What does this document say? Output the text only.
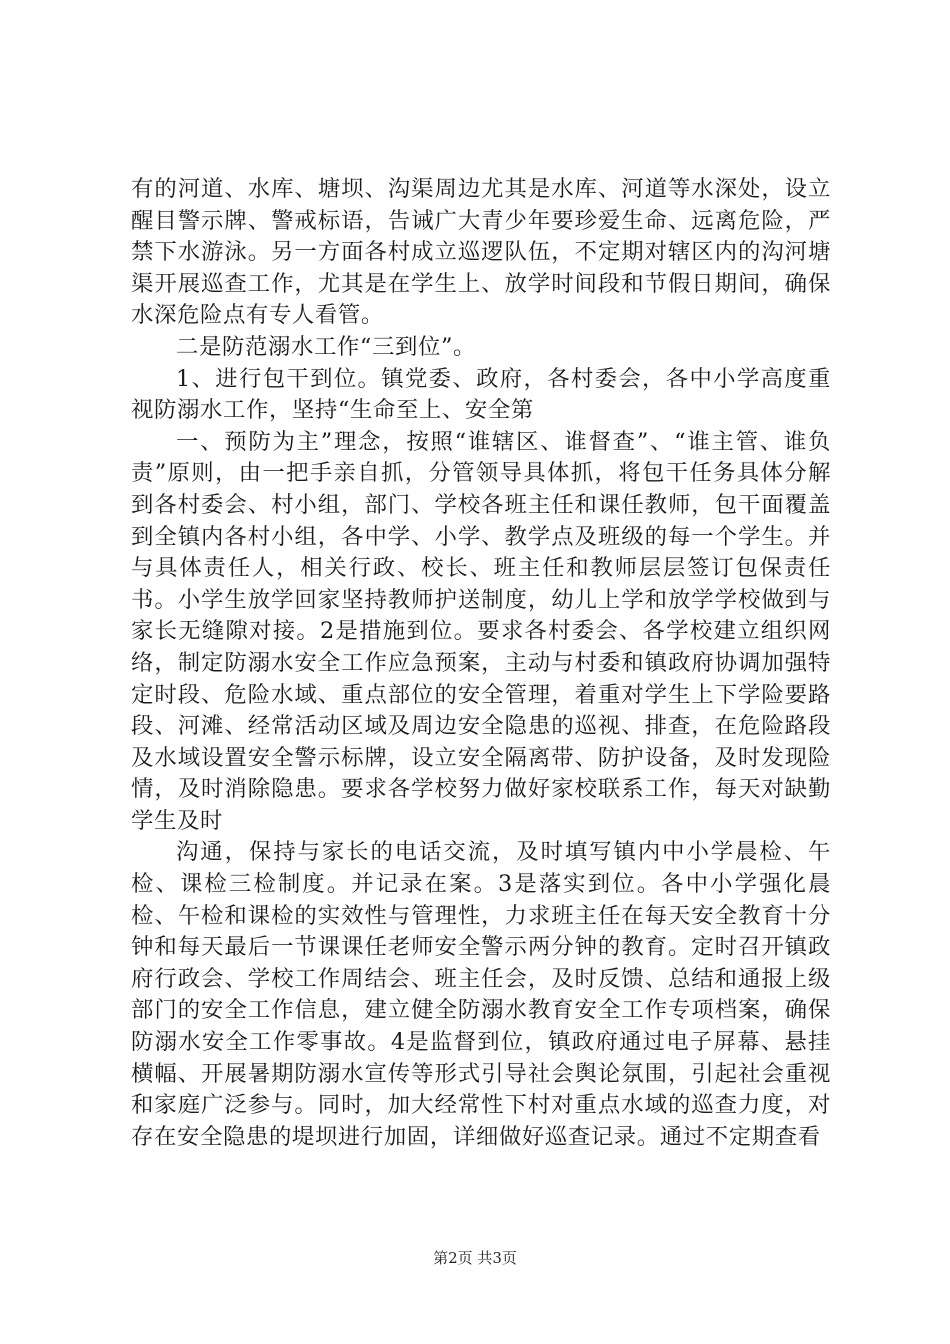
有的河道、水库、塘坝、沟渠周边尤其是水库、河道等水深处，设立醒目警示牌、警戒标语，告诫广大青少年要珍爱生命、远离危险，严禁下水游泳。另一方面各村成立巡逻队伍，不定期对辖区内的沟河塘渠开展巡查工作，尤其是在学生上、放学时间段和节假日期间，确保水深危险点有专人看管。

二是防范溺水工作“三到位”。

1、进行包干到位。镇党委、政府，各村委会，各中小学高度重视防溺水工作，坚持“生命至上、安全第

一、预防为主”理念，按照“谁辖区、谁督查”、“谁主管、谁负责”原则，由一把手亲自抓，分管领导具体抓，将包干任务具体分解到各村委会、村小组，部门、学校各班主任和课任教师，包干面覆盖到全镇内各村小组，各中学、小学、教学点及班级的每一个学生。并与具体责任人，相关行政、校长、班主任和教师层层签订包保责任书。小学生放学回家坚持教师护送制度，幼儿上学和放学学校做到与家长无缝隙对接。2是措施到位。要求各村委会、各学校建立组织网络，制定防溺水安全工作应急预案，主动与村委和镇政府协调加强特定时段、危险水域、重点部位的安全管理，着重对学生上下学险要路段、河滩、经常活动区域及周边安全隐患的巡视、排查，在危险路段及水域设置安全警示标牌，设立安全隔离带、防护设备，及时发现险情，及时消除隐患。要求各学校努力做好家校联系工作，每天对缺勤学生及时

沟通，保持与家长的电话交流，及时填写镇内中小学晨检、午检、课检三检制度。并记录在案。3是落实到位。各中小学强化晨检、午检和课检的实效性与管理性，力求班主任在每天安全教育十分钟和每天最后一节课课任老师安全警示两分钟的教育。定时召开镇政府行政会、学校工作周结会、班主任会，及时反馈、总结和通报上级部门的安全工作信息，建立健全防溺水教育安全工作专项档案，确保防溺水安全工作零事故。4是监督到位，镇政府通过电子屏幕、悬挂横幅、开展暑期防溺水宣传等形式引导社会舆论氛围，引起社会重视和家庭广泛参与。同时，加大经常性下村对重点水域的巡查力度，对存在安全隐患的堤坝进行加固，详细做好巡查记录。通过不定期查看

第2页 共3页
